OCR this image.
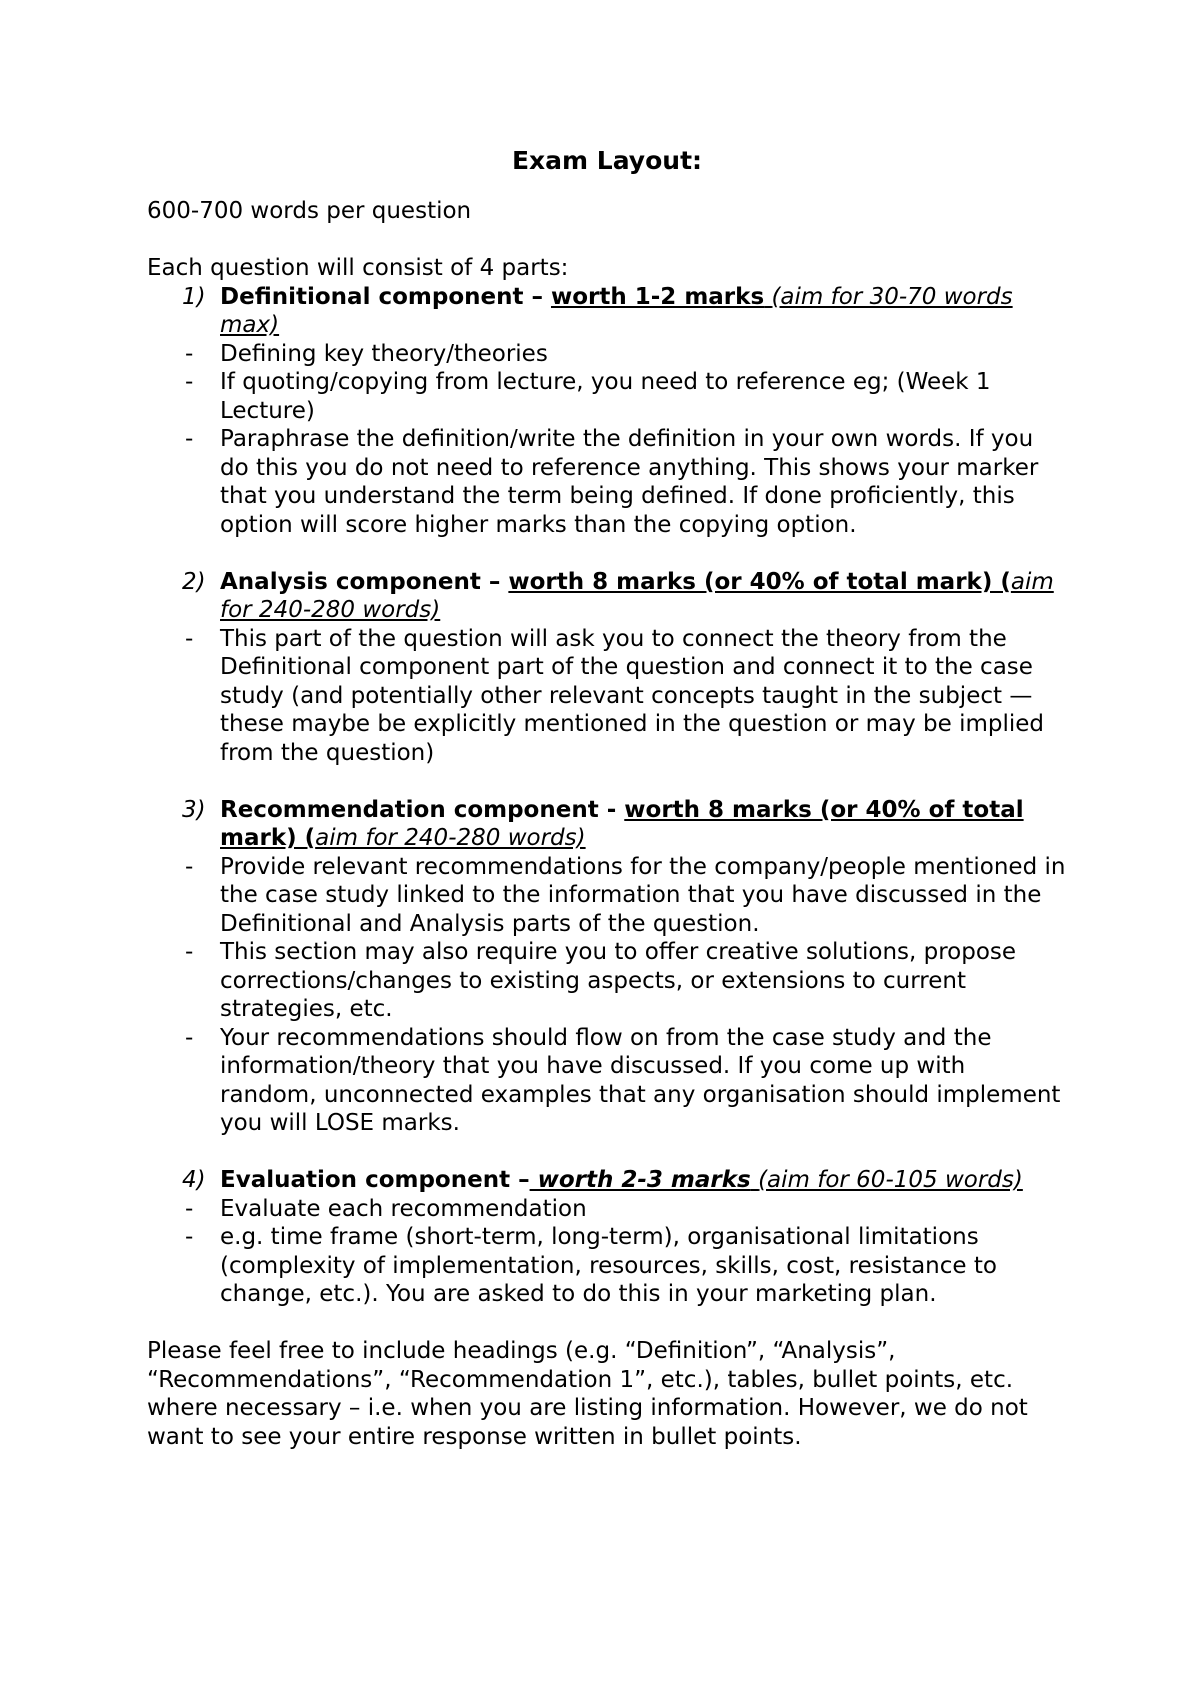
Exam Layout:

600-700 words per question

Each question will consist of 4 parts:

1) Definitional component – worth 1-2 marks (aim for 30-70 words max)
- Defining key theory/theories
- If quoting/copying from lecture, you need to reference eg; (Week 1 Lecture)
- Paraphrase the definition/write the definition in your own words. If you do this you do not need to reference anything. This shows your marker that you understand the term being defined. If done proficiently, this option will score higher marks than the copying option.
2) Analysis component – worth 8 marks (or 40% of total mark) (aim for 240-280 words)
- This part of the question will ask you to connect the theory from the Definitional component part of the question and connect it to the case study (and potentially other relevant concepts taught in the subject — these maybe be explicitly mentioned in the question or may be implied from the question)
3) Recommendation component - worth 8 marks (or 40% of total mark) (aim for 240-280 words)
- Provide relevant recommendations for the company/people mentioned in the case study linked to the information that you have discussed in the Definitional and Analysis parts of the question.
- This section may also require you to offer creative solutions, propose corrections/changes to existing aspects, or extensions to current strategies, etc.
- Your recommendations should flow on from the case study and the information/theory that you have discussed. If you come up with random, unconnected examples that any organisation should implement you will LOSE marks.
4) Evaluation component – worth 2-3 marks (aim for 60-105 words)
- Evaluate each recommendation
- e.g. time frame (short-term, long-term), organisational limitations (complexity of implementation, resources, skills, cost, resistance to change, etc.). You are asked to do this in your marketing plan.

Please feel free to include headings (e.g. “Definition”, “Analysis”, “Recommendations”, “Recommendation 1”, etc.), tables, bullet points, etc. where necessary – i.e. when you are listing information. However, we do not want to see your entire response written in bullet points.
